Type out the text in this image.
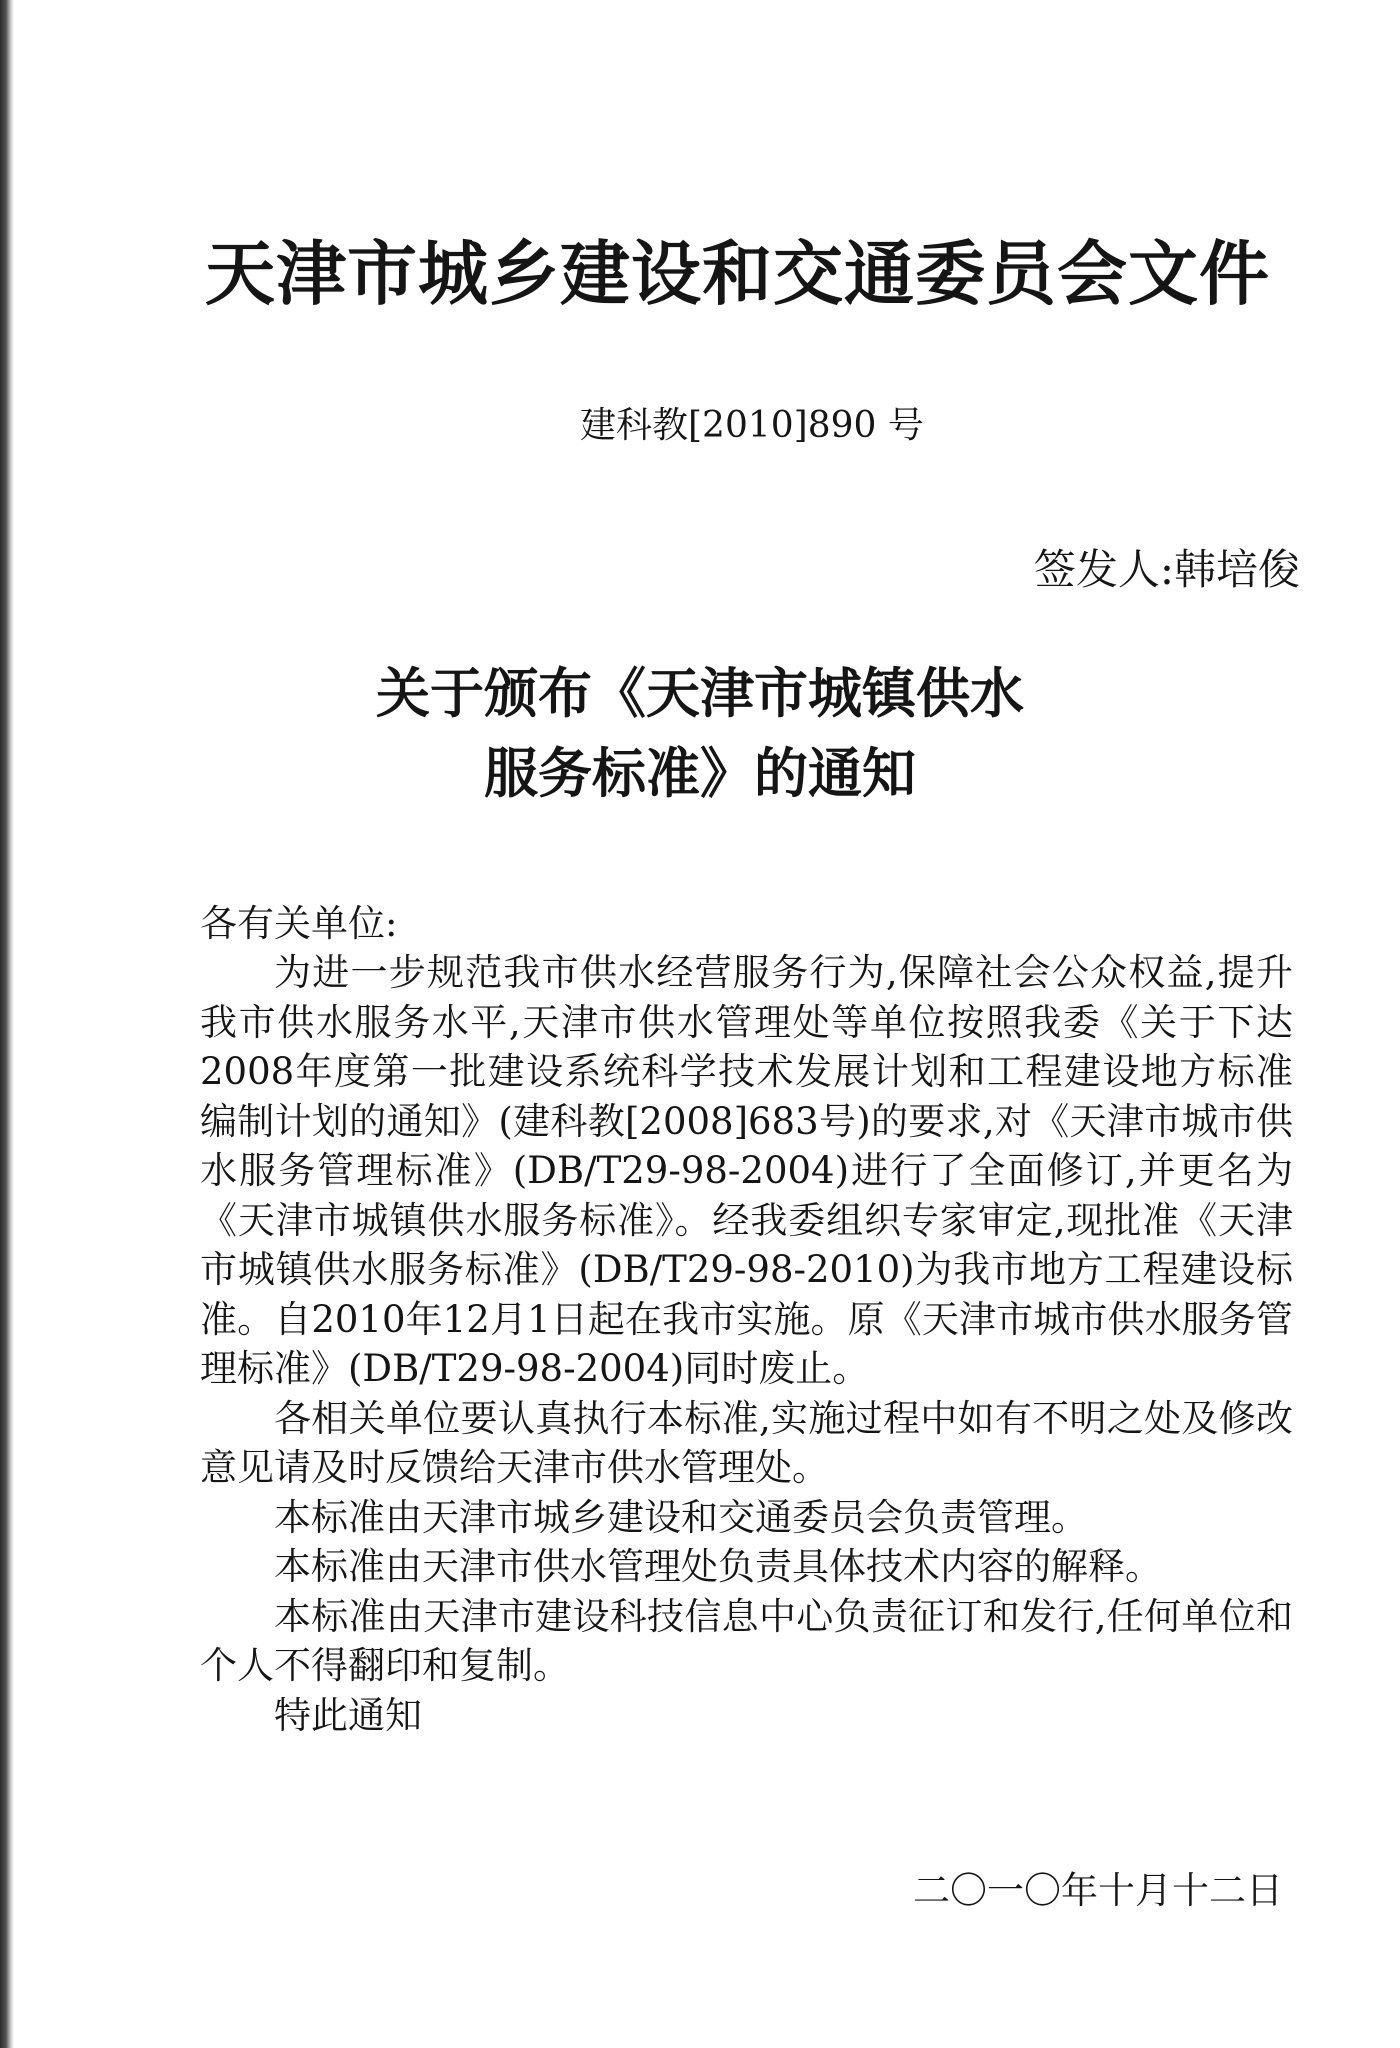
天津市城乡建设和交通委员会文件
建科教[2010]890 号
签发人:韩培俊
关于颁布《天津市城镇供水
服务标准》的通知
各有关单位:

为进一步规范我市供水经营服务行为,保障社会公众权益,提升我市供水服务水平,天津市供水管理处等单位按照我委《关于下达2008年度第一批建设系统科学技术发展计划和工程建设地方标准编制计划的通知》(建科教[2008]683号)的要求,对《天津市城市供水服务管理标准》(DB/T29-98-2004)进行了全面修订,并更名为《天津市城镇供水服务标准》。经我委组织专家审定,现批准《天津市城镇供水服务标准》(DB/T29-98-2010)为我市地方工程建设标准。自2010年12月1日起在我市实施。原《天津市城市供水服务管理标准》(DB/T29-98-2004)同时废止。

各相关单位要认真执行本标准,实施过程中如有不明之处及修改意见请及时反馈给天津市供水管理处。

本标准由天津市城乡建设和交通委员会负责管理。

本标准由天津市供水管理处负责具体技术内容的解释。

本标准由天津市建设科技信息中心负责征订和发行,任何单位和个人不得翻印和复制。

特此通知

二〇一〇年十月十二日
